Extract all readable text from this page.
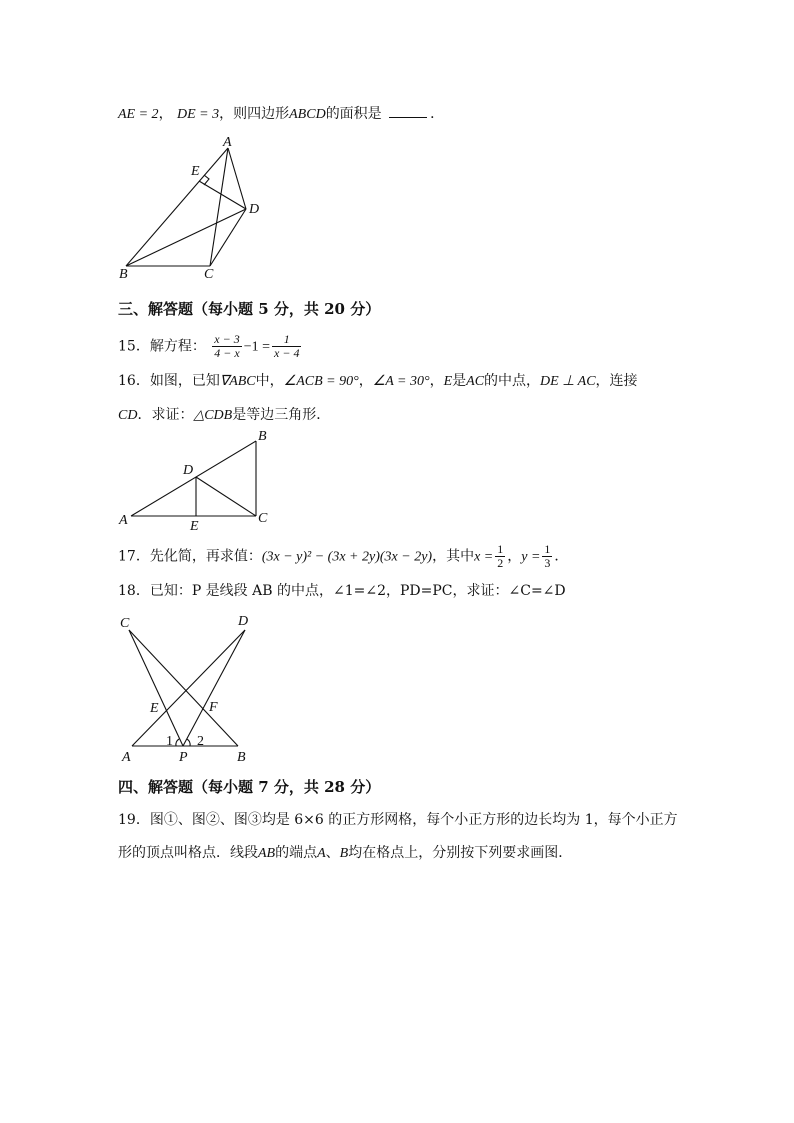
AE = 2， DE = 3，则四边形ABCD的面积是	．
A
E
D
B	C
三、解答题（每小题 5 分，共 20 分）
15．解方程： $\frac{x - 3}{4 - x} -1 = \frac{1}{x - 4}$
16．如图，已知∇ABC中，∠ACB = 90°，∠A = 30°，E是AC的中点，DE ⊥ AC，连接
CD．求证：△CDB是等边三角形．
B
D
A	E
C
17．先化简，再求值：(3x − y)² − (3x + 2y)(3x − 2y)，其中$x = \frac{1}{2}$ ，$y = \frac{1}{3}$ ．
18．已知：P 是线段 AB 的中点，∠1=∠2，PD=PC，求证：∠C=∠D
C	D
E	F
1 2
A	P	B
四、解答题（每小题 7 分，共 28 分）
19．图①、图②、图③均是 6×6 的正方形网格，每个小正方形的边长均为 1，每个小正方
形的顶点叫格点．线段AB的端点A、B均在格点上，分别按下列要求画图．
